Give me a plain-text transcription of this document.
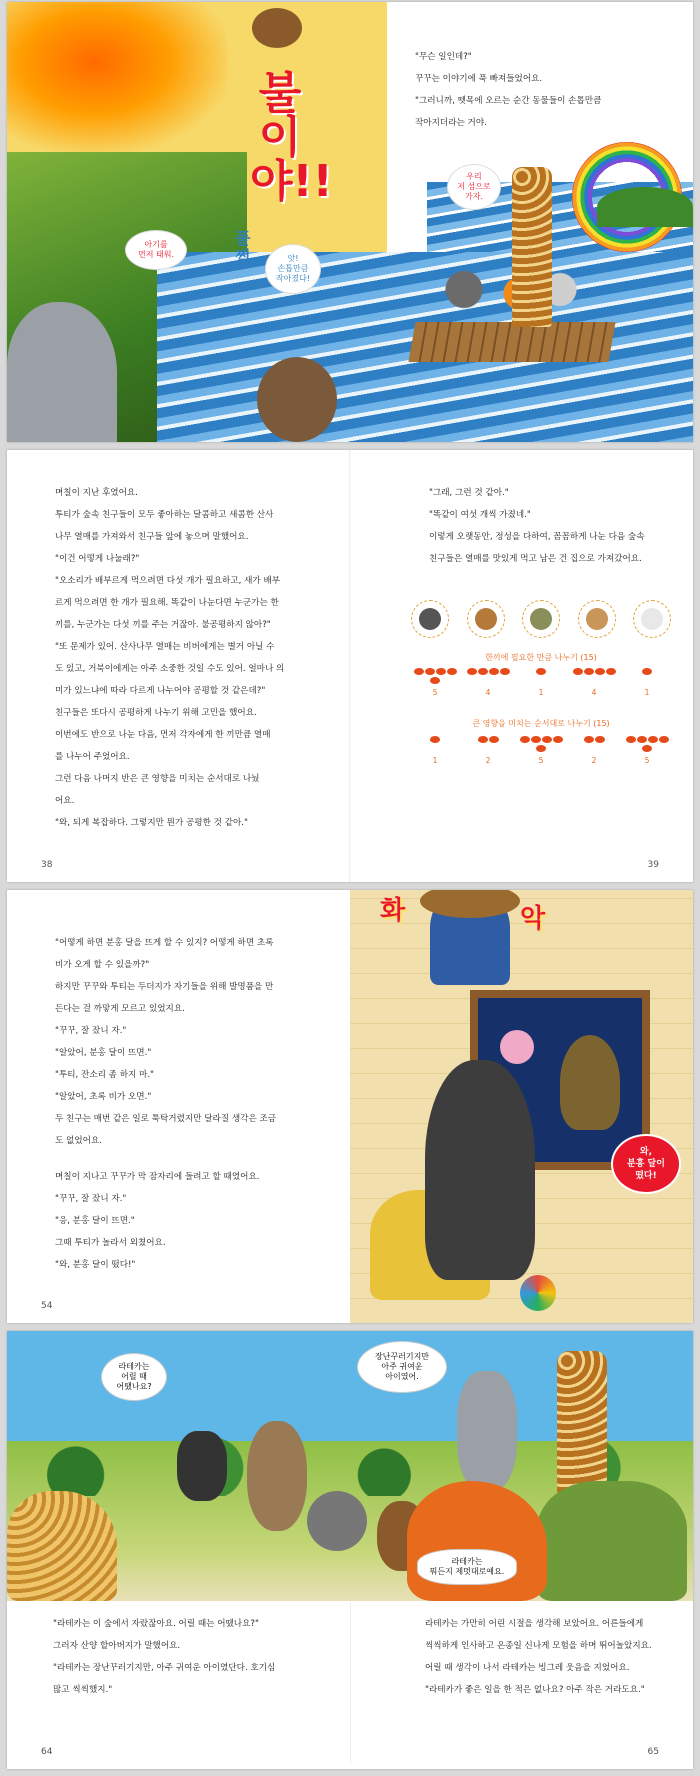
불이야!!
풀쩍
아기를
먼저 태워.	앗!
손톱만큼
작아졌다!
우리
저 섬으로
가자.
"무슨 일인데?"
꾸꾸는 이야기에 푹 빠져들었어요.
"그러니까, 뗏목에 오르는 순간 동물들이 손톱만큼
작아지더라는 거야.
며칠이 지난 후였어요.
투티가 숲속 친구들이 모두 좋아하는 달콤하고 새콤한 산사
나무 열매를 가져와서 친구들 앞에 놓으며 말했어요.
"이건 어떻게 나눌래?"
"오소리가 배부르게 먹으려면 다섯 개가 필요하고, 새가 배부
르게 먹으려면 한 개가 필요해. 똑같이 나눈다면 누군가는 한
끼를, 누군가는 다섯 끼를 주는 거잖아. 불공평하지 않아?"
"또 문제가 있어. 산사나무 열매는 비버에게는 별거 아닐 수
도 있고, 거북이에게는 아주 소중한 것일 수도 있어. 얼마나 의
미가 있느냐에 따라 다르게 나누어야 공평할 것 같은데?"
친구들은 또다시 공평하게 나누기 위해 고민을 했어요.
이번에도 반으로 나눈 다음, 먼저 각자에게 한 끼만큼 열매
를 나누어 주었어요.
그런 다음 나머지 반은 큰 영향을 미치는 순서대로 나눴
어요.
"와, 되게 복잡하다. 그렇지만 뭔가 공평한 것 같아."
"그래, 그런 것 같아."
"똑같이 여섯 개씩 가졌네."
이렇게 오랫동안, 정성을 다하여, 꼼꼼하게 나눈 다음 숲속
친구들은 열매를 맛있게 먹고 남은 건 집으로 가져갔어요.
한끼에 필요한 만큼 나누기 (15)
5	4	1	4	1
큰 영향을 미치는 순서대로 나누기 (15)
1	2	5	2	5
38	39
"어떻게 하면 분홍 달을 뜨게 할 수 있지? 어떻게 하면 초록
비가 오게 할 수 있을까?"
하지만 꾸꾸와 투티는 두더지가 자기들을 위해 발명품을 만
든다는 걸 까맣게 모르고 있었지요.
"꾸꾸, 잘 잤니 자."
"알았어, 분홍 달이 뜨면."
"투티, 잔소리 좀 하지 마."
"알았어, 초록 비가 오면."
두 친구는 매번 같은 일로 툭탁거렸지만 달라질 생각은 조금
도 없었어요.
며칠이 지나고 꾸꾸가 막 잠자리에 들려고 할 때였어요.
"꾸꾸, 잘 잤니 자."
"응, 분홍 달이 뜨면."
그때 투티가 놀라서 외쳤어요.
"와, 분홍 달이 떴다!"
54
화	악
와,
분홍 달이
떴다!
라테카는
어릴 때
어땠나요?
장난꾸러기지만
아주 귀여운
아이였어.
라테카는
뭐든지 제멋대로예요.
"라테카는 이 숲에서 자랐잖아요. 어릴 때는 어땠나요?"
그러자 산양 할아버지가 말했어요.
"라테카는 장난꾸러기지만, 아주 귀여운 아이였단다. 호기심
많고 씩씩했지."
라테카는 가만히 어린 시절을 생각해 보았어요. 어른들에게
씩씩하게 인사하고 온종일 신나게 모험을 하며 뛰어놀았지요.
어릴 때 생각이 나서 라테카는 빙그레 웃음을 지었어요.
"라테카가 좋은 일을 한 적은 없나요? 아주 작은 거라도요."
64	65
